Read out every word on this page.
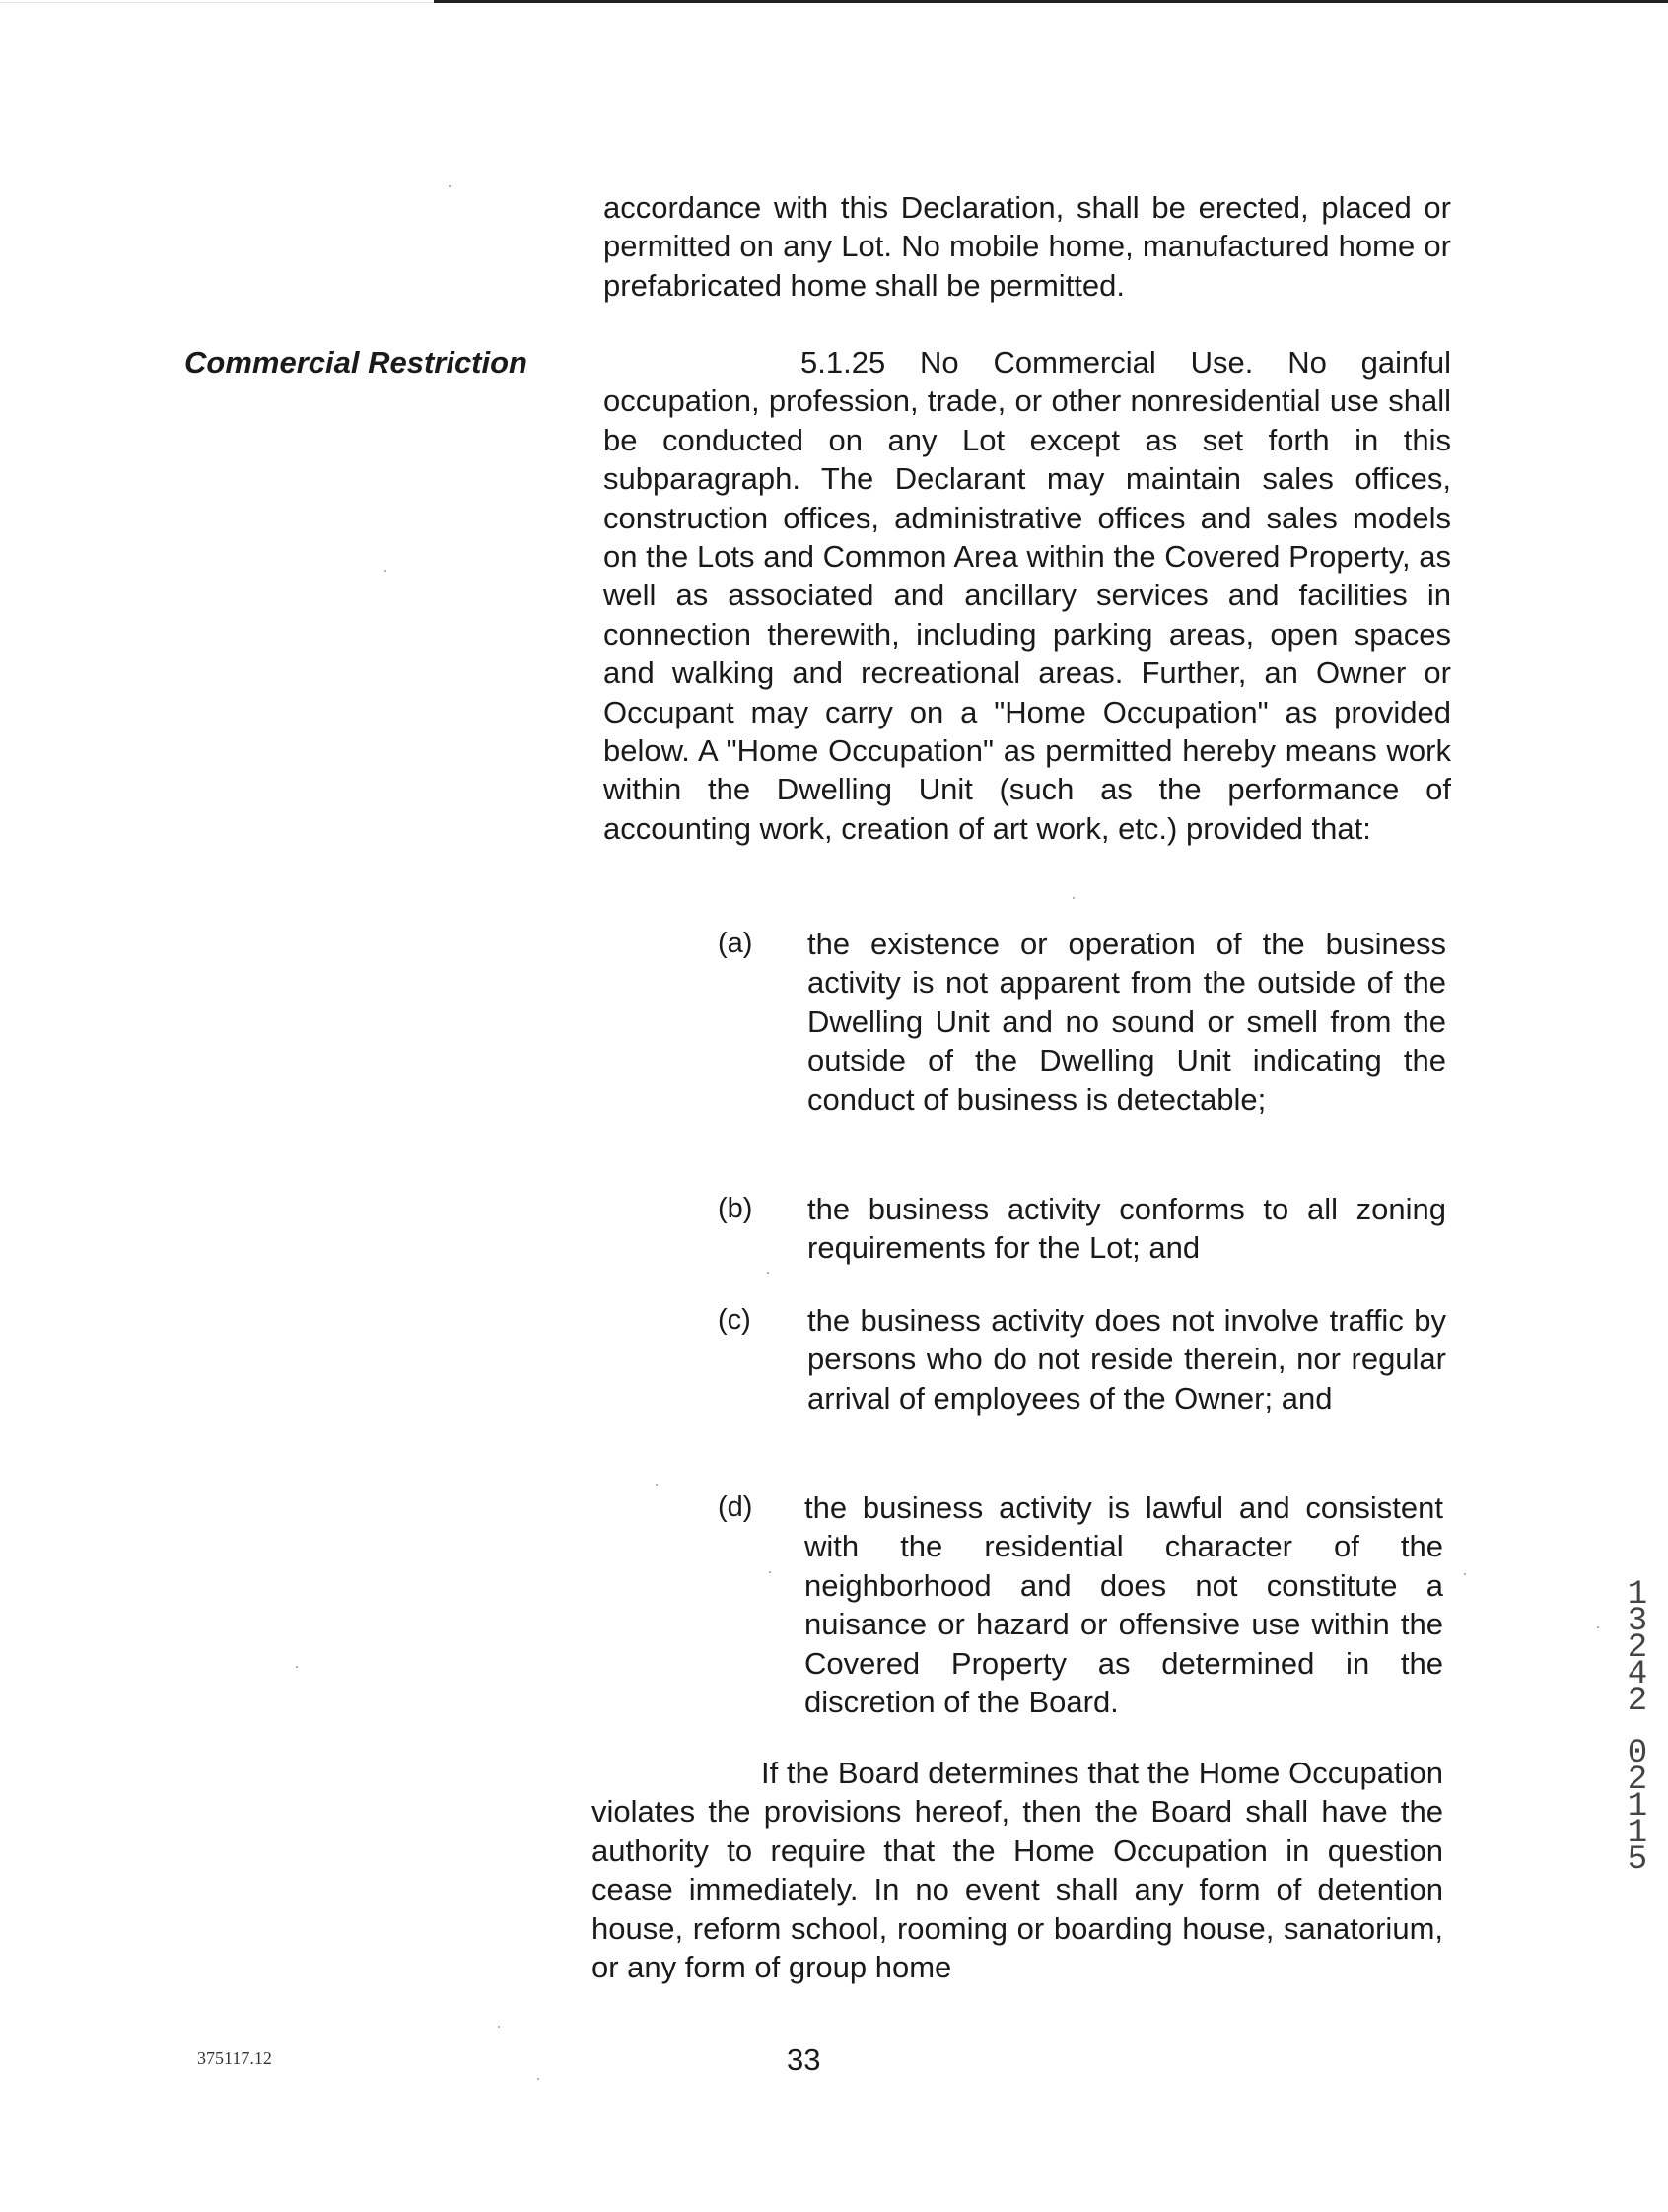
accordance with this Declaration, shall be erected, placed or permitted on any Lot. No mobile home, manufactured home or prefabricated home shall be permitted.
Commercial Restriction	5.1.25 No Commercial Use. No gainful occupation, profession, trade, or other nonresidential use shall be conducted on any Lot except as set forth in this subparagraph. The Declarant may maintain sales offices, construction offices, administrative offices and sales models on the Lots and Common Area within the Covered Property, as well as associated and ancillary services and facilities in connection therewith, including parking areas, open spaces and walking and recreational areas. Further, an Owner or Occupant may carry on a "Home Occupation" as provided below. A "Home Occupation" as permitted hereby means work within the Dwelling Unit (such as the performance of accounting work, creation of art work, etc.) provided that:
(a) the existence or operation of the business activity is not apparent from the outside of the Dwelling Unit and no sound or smell from the outside of the Dwelling Unit indicating the conduct of business is detectable;
(b) the business activity conforms to all zoning requirements for the Lot; and
(c) the business activity does not involve traffic by persons who do not reside therein, nor regular arrival of employees of the Owner; and
(d) the business activity is lawful and consistent with the residential character of the neighborhood and does not constitute a nuisance or hazard or offensive use within the Covered Property as determined in the discretion of the Board.
If the Board determines that the Home Occupation violates the provisions hereof, then the Board shall have the authority to require that the Home Occupation in question cease immediately. In no event shall any form of detention house, reform school, rooming or boarding house, sanatorium, or any form of group home
375117.12	33
1
3
2
4
2
0
2
1
1
5
